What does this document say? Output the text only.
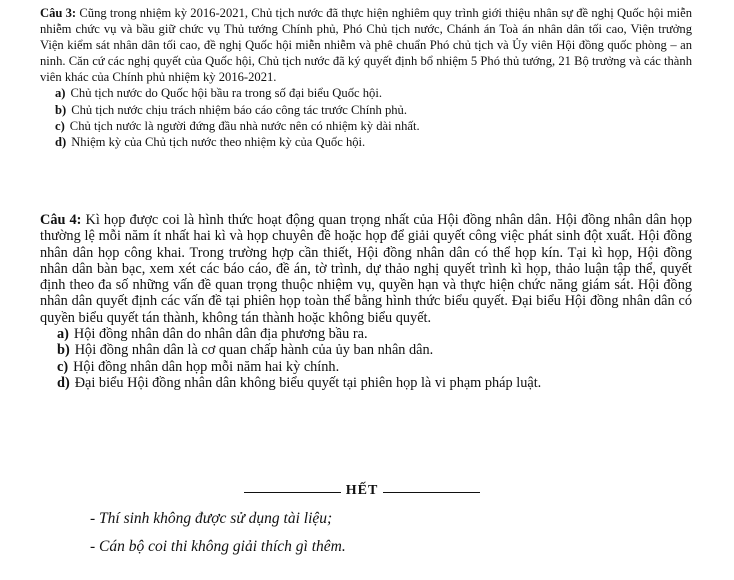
Câu 3: Cũng trong nhiệm kỳ 2016-2021, Chủ tịch nước đã thực hiện nghiêm quy trình giới thiệu nhân sự đề nghị Quốc hội miễn nhiễm chức vụ và bầu giữ chức vụ Thủ tướng Chính phủ, Phó Chủ tịch nước, Chánh án Toà án nhân dân tối cao, Viện trưởng Viện kiểm sát nhân dân tối cao, đề nghị Quốc hội miễn nhiễm và phê chuẩn Phó chủ tịch và Ủy viên Hội đồng quốc phòng – an ninh. Căn cứ các nghị quyết của Quốc hội, Chủ tịch nước đã ký quyết định bổ nhiệm 5 Phó thủ tướng, 21 Bộ trưởng và các thành viên khác của Chính phủ nhiệm kỳ 2016-2021.

a) Chủ tịch nước do Quốc hội bầu ra trong số đại biểu Quốc hội.
b) Chủ tịch nước chịu trách nhiệm báo cáo công tác trước Chính phủ.
c) Chủ tịch nước là người đứng đầu nhà nước nên có nhiệm kỳ dài nhất.
d) Nhiệm kỳ của Chủ tịch nước theo nhiệm kỳ của Quốc hội.

Câu 4: Kì họp được coi là hình thức hoạt động quan trọng nhất của Hội đồng nhân dân. Hội đồng nhân dân họp thường lệ mỗi năm ít nhất hai kì và họp chuyên đề hoặc họp để giải quyết công việc phát sinh đột xuất. Hội đồng nhân dân họp công khai. Trong trường hợp cần thiết, Hội đồng nhân dân có thể họp kín. Tại kì họp, Hội đồng nhân dân bàn bạc, xem xét các báo cáo, đề án, tờ trình, dự thảo nghị quyết trình kì họp, thảo luận tập thể, quyết định theo đa số những vấn đề quan trọng thuộc nhiệm vụ, quyền hạn và thực hiện chức năng giám sát. Hội đồng nhân dân quyết định các vấn đề tại phiên họp toàn thể bằng hình thức biểu quyết. Đại biểu Hội đồng nhân dân có quyền biểu quyết tán thành, không tán thành hoặc không biểu quyết.

a) Hội đồng nhân dân do nhân dân địa phương bầu ra.
b) Hội đồng nhân dân là cơ quan chấp hành của ủy ban nhân dân.
c) Hội đồng nhân dân họp mỗi năm hai kỳ chính.
d) Đại biểu Hội đồng nhân dân không biểu quyết tại phiên họp là vi phạm pháp luật.
HẾT
- Thí sinh không được sử dụng tài liệu;
- Cán bộ coi thi không giải thích gì thêm.
